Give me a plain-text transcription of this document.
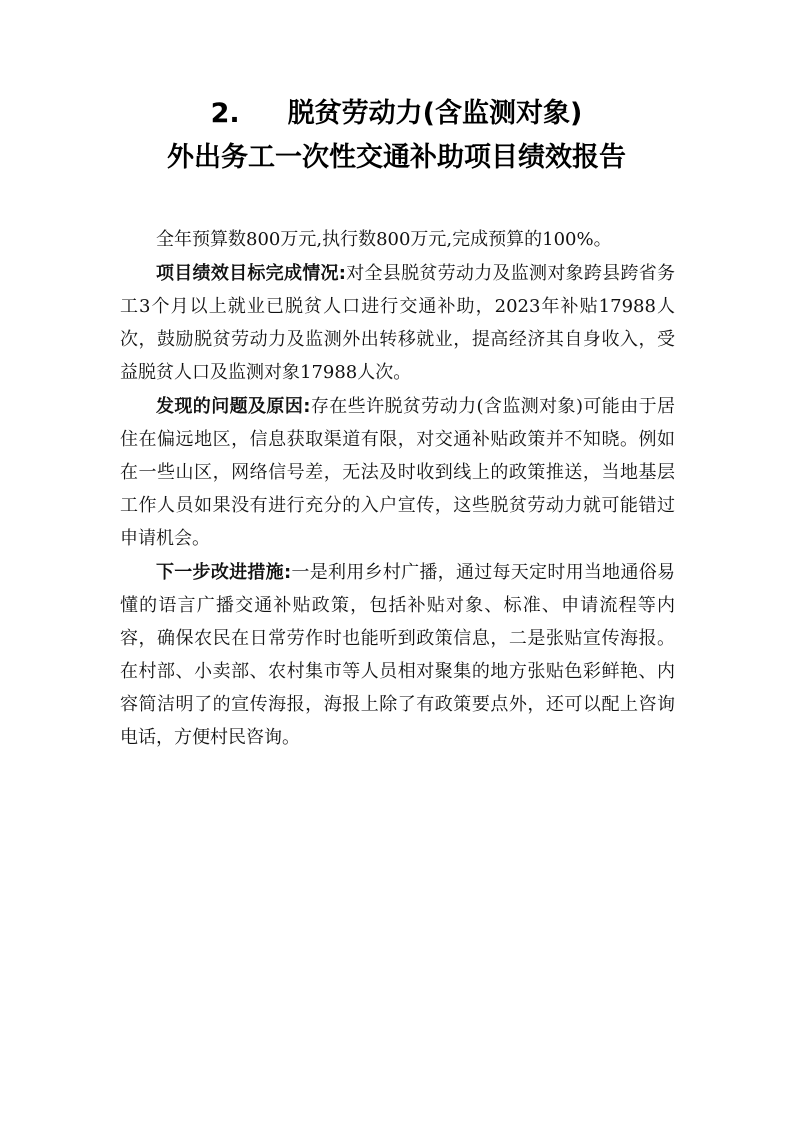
2. 脱贫劳动力(含监测对象)
外出务工一次性交通补助项目绩效报告

全年预算数800万元,执行数800万元,完成预算的100%。

项目绩效目标完成情况:对全县脱贫劳动力及监测对象跨县跨省务工3个月以上就业已脱贫人口进行交通补助，2023年补贴17988人次，鼓励脱贫劳动力及监测外出转移就业，提高经济其自身收入，受益脱贫人口及监测对象17988人次。

发现的问题及原因:存在些许脱贫劳动力(含监测对象)可能由于居住在偏远地区，信息获取渠道有限，对交通补贴政策并不知晓。例如在一些山区，网络信号差，无法及时收到线上的政策推送，当地基层工作人员如果没有进行充分的入户宣传，这些脱贫劳动力就可能错过申请机会。

下一步改进措施:一是利用乡村广播，通过每天定时用当地通俗易懂的语言广播交通补贴政策，包括补贴对象、标准、申请流程等内容，确保农民在日常劳作时也能听到政策信息，二是张贴宣传海报。在村部、小卖部、农村集市等人员相对聚集的地方张贴色彩鲜艳、内容简洁明了的宣传海报，海报上除了有政策要点外，还可以配上咨询电话，方便村民咨询。
